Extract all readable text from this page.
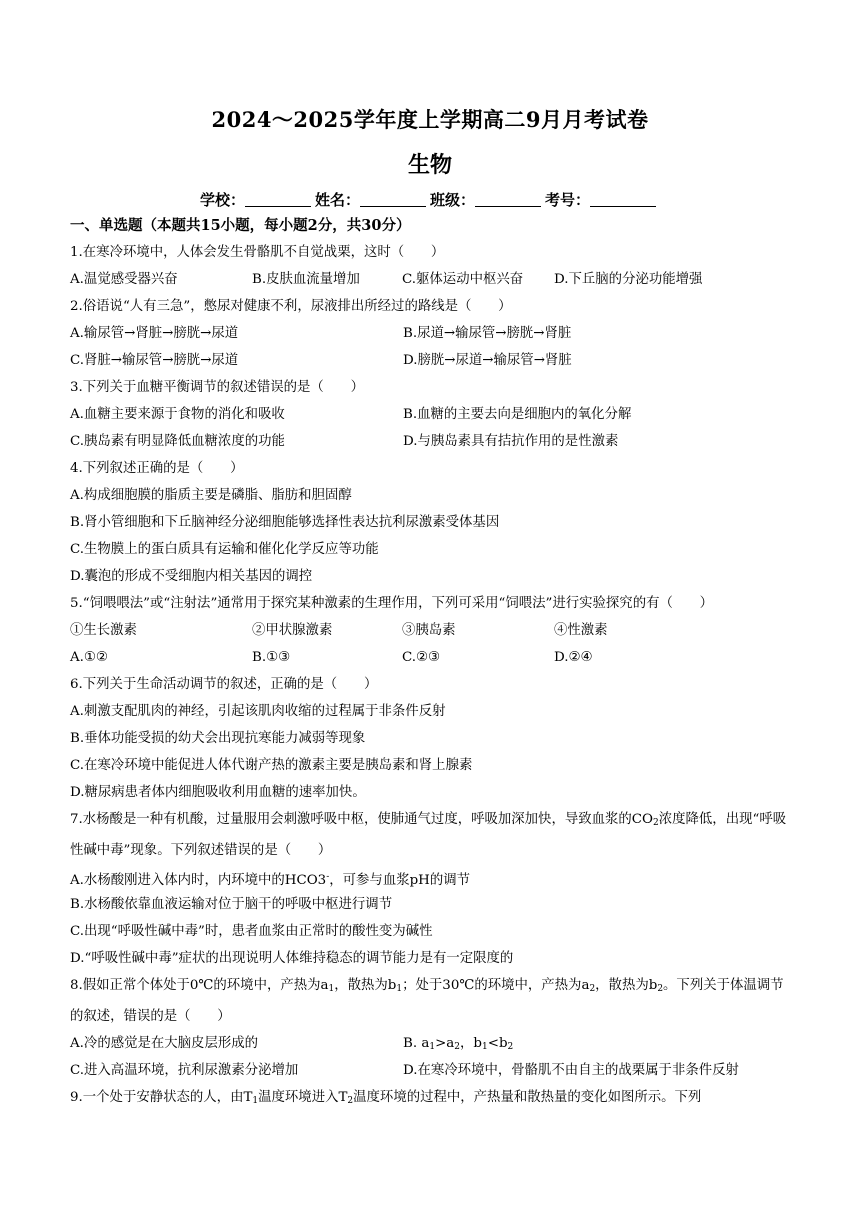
2024～2025学年度上学期高二9月月考试卷
生物
学校：	姓名：	班级：	考号：
一、单选题（本题共15小题，每小题2分，共30分）
1.在寒冷环境中，人体会发生骨骼肌不自觉战栗，这时（　　）
A.温觉感受器兴奋	B.皮肤血流量增加	C.躯体运动中枢兴奋	D.下丘脑的分泌功能增强
2.俗语说“人有三急”，憋尿对健康不利，尿液排出所经过的路线是（　　）
A.输尿管→肾脏→膀胱→尿道	B.尿道→输尿管→膀胱→肾脏
C.肾脏→输尿管→膀胱→尿道	D.膀胱→尿道→输尿管→肾脏
3.下列关于血糖平衡调节的叙述错误的是（　　）
A.血糖主要来源于食物的消化和吸收	B.血糖的主要去向是细胞内的氧化分解
C.胰岛素有明显降低血糖浓度的功能	D.与胰岛素具有拮抗作用的是性激素
4.下列叙述正确的是（　　）
A.构成细胞膜的脂质主要是磷脂、脂肪和胆固醇
B.肾小管细胞和下丘脑神经分泌细胞能够选择性表达抗利尿激素受体基因
C.生物膜上的蛋白质具有运输和催化化学反应等功能
D.囊泡的形成不受细胞内相关基因的调控
5.“饲喂喂法”或“注射法”通常用于探究某种激素的生理作用，下列可采用“饲喂法”进行实验探究的有（　　）
①生长激素	②甲状腺激素	③胰岛素	④性激素
A.①②	B.①③	C.②③	D.②④
6.下列关于生命活动调节的叙述，正确的是（　　）
A.刺激支配肌肉的神经，引起该肌肉收缩的过程属于非条件反射
B.垂体功能受损的幼犬会出现抗寒能力减弱等现象
C.在寒冷环境中能促进人体代谢产热的激素主要是胰岛素和肾上腺素
D.糖尿病患者体内细胞吸收利用血糖的速率加快。
7.水杨酸是一种有机酸，过量服用会刺激呼吸中枢，使肺通气过度，呼吸加深加快，导致血浆的$CO_2$浓度降低，出现“呼吸性碱中毒”现象。下列叙述错误的是（　　）
A.水杨酸刚进入体内时，内环境中的HCO3-，可参与血浆pH的调节
B.水杨酸依靠血液运输对位于脑干的呼吸中枢进行调节
C.出现“呼吸性碱中毒”时，患者血浆由正常时的酸性变为碱性
D.“呼吸性碱中毒”症状的出现说明人体维持稳态的调节能力是有一定限度的
8.假如正常个体处于0℃的环境中，产热为$a_1$，散热为$b_1$；处于30℃的环境中，产热为$a_2$，散热为$b_2$。下列关于体温调节的叙述，错误的是（　　）
A.冷的感觉是在大脑皮层形成的	B. $a_1>a_2$，$b_1<b_2$
C.进入高温环境，抗利尿激素分泌增加	D.在寒冷环境中，骨骼肌不由自主的战栗属于非条件反射
9.一个处于安静状态的人，由$T_1$温度环境进入$T_2$温度环境的过程中，产热量和散热量的变化如图所示。下列
